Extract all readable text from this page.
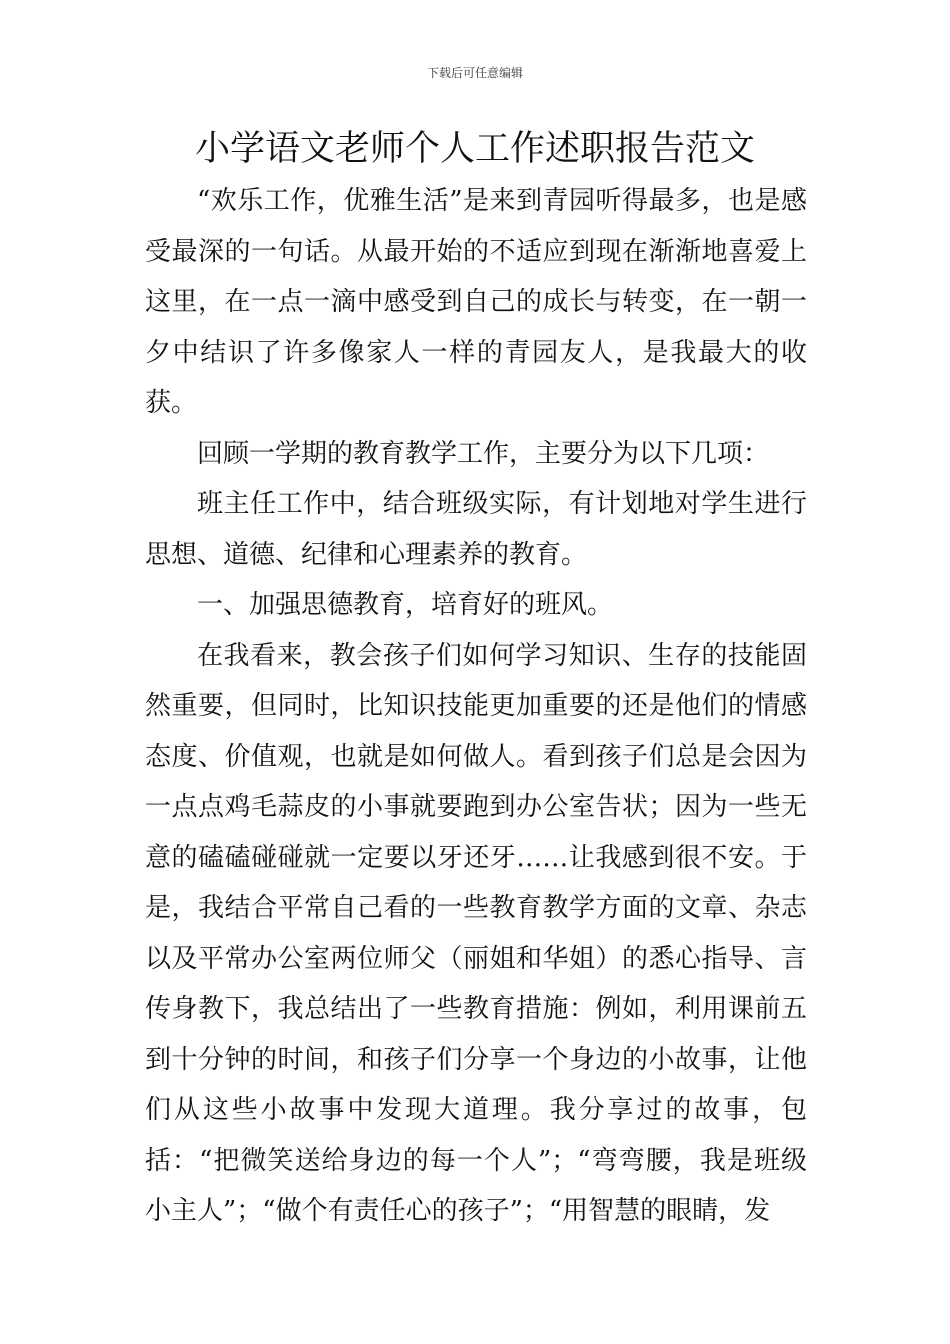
下载后可任意编辑
小学语文老师个人工作述职报告范文

“欢乐工作，优雅生活”是来到青园听得最多，也是感受最深的一句话。从最开始的不适应到现在渐渐地喜爱上这里，在一点一滴中感受到自己的成长与转变，在一朝一夕中结识了许多像家人一样的青园友人，是我最大的收获。

回顾一学期的教育教学工作，主要分为以下几项：

班主任工作中，结合班级实际，有计划地对学生进行思想、道德、纪律和心理素养的教育。

一、加强思德教育，培育好的班风。

在我看来，教会孩子们如何学习知识、生存的技能固然重要，但同时，比知识技能更加重要的还是他们的情感态度、价值观，也就是如何做人。看到孩子们总是会因为一点点鸡毛蒜皮的小事就要跑到办公室告状；因为一些无意的磕磕碰碰就一定要以牙还牙……让我感到很不安。于是，我结合平常自己看的一些教育教学方面的文章、杂志以及平常办公室两位师父（丽姐和华姐）的悉心指导、言传身教下，我总结出了一些教育措施：例如，利用课前五到十分钟的时间，和孩子们分享一个身边的小故事，让他们从这些小故事中发现大道理。我分享过的故事，包括：“把微笑送给身边的每一个人”；“弯弯腰，我是班级小主人”；“做个有责任心的孩子”；“用智慧的眼睛，发
